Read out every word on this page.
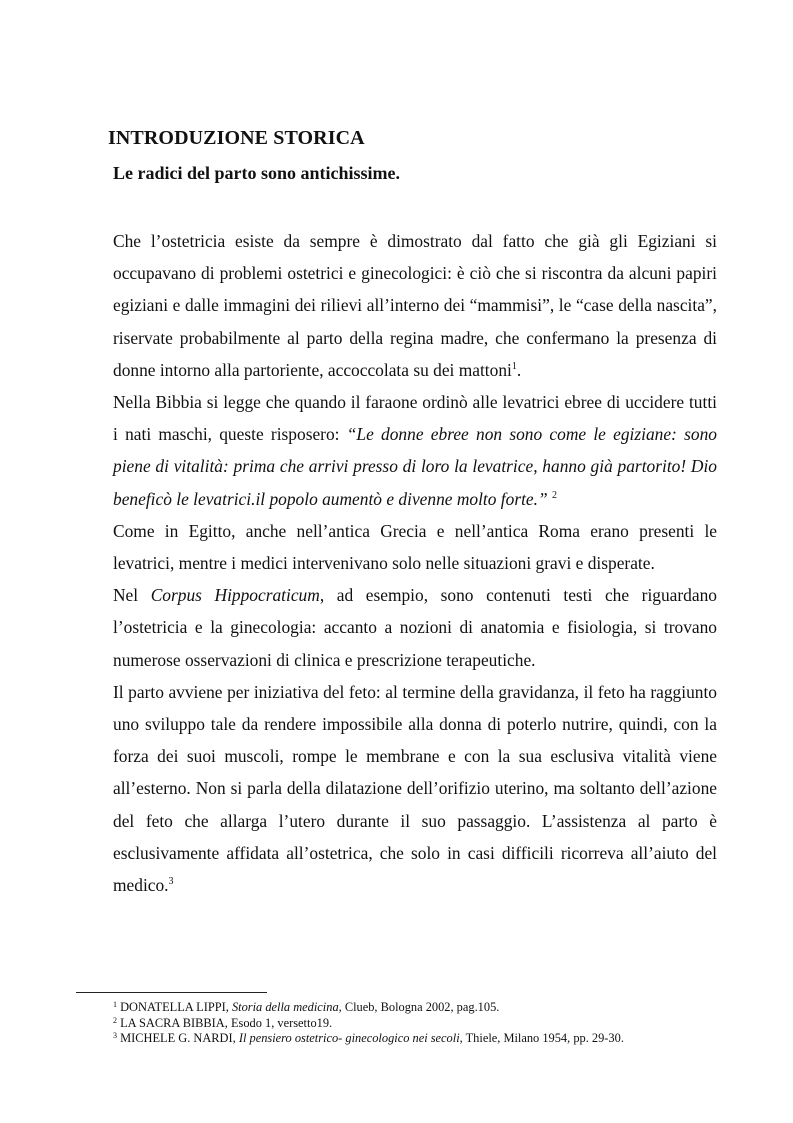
INTRODUZIONE STORICA
Le radici del parto sono antichissime.

Che l’ostetricia esiste da sempre è dimostrato dal fatto che già gli Egiziani si occupavano di problemi ostetrici e ginecologici: è ciò che si riscontra da alcuni papiri egiziani e dalle immagini dei rilievi all’interno dei “mammisi”, le “case della nascita”, riservate probabilmente al parto della regina madre, che confermano la presenza di donne intorno alla partoriente, accoccolata su dei mattoni$^1$.

Nella Bibbia si legge che quando il faraone ordinò alle levatrici ebree di uccidere tutti i nati maschi, queste risposero: “Le donne ebree non sono come le egiziane: sono piene di vitalità: prima che arrivi presso di loro la levatrice, hanno già partorito! Dio beneficò le levatrici.il popolo aumentò e divenne molto forte.” $^2$

Come in Egitto, anche nell’antica Grecia e nell’antica Roma erano presenti le levatrici, mentre i medici intervenivano solo nelle situazioni gravi e disperate.

Nel Corpus Hippocraticum, ad esempio, sono contenuti testi che riguardano l’ostetricia e la ginecologia: accanto a nozioni di anatomia e fisiologia, si trovano numerose osservazioni di clinica e prescrizione terapeutiche.

Il parto avviene per iniziativa del feto: al termine della gravidanza, il feto ha raggiunto uno sviluppo tale da rendere impossibile alla donna di poterlo nutrire, quindi, con la forza dei suoi muscoli, rompe le membrane e con la sua esclusiva vitalità viene all’esterno. Non si parla della dilatazione dell’orifizio uterino, ma soltanto dell’azione del feto che allarga l’utero durante il suo passaggio. L’assistenza al parto è esclusivamente affidata all’ostetrica, che solo in casi difficili ricorreva all’aiuto del medico.$^3$

$^1$ DONATELLA LIPPI, Storia della medicina, Clueb, Bologna 2002, pag.105.
$^2$ LA SACRA BIBBIA, Esodo 1, versetto19.
$^3$ MICHELE G. NARDI, Il pensiero ostetrico- ginecologico nei secoli, Thiele, Milano 1954, pp. 29-30.
